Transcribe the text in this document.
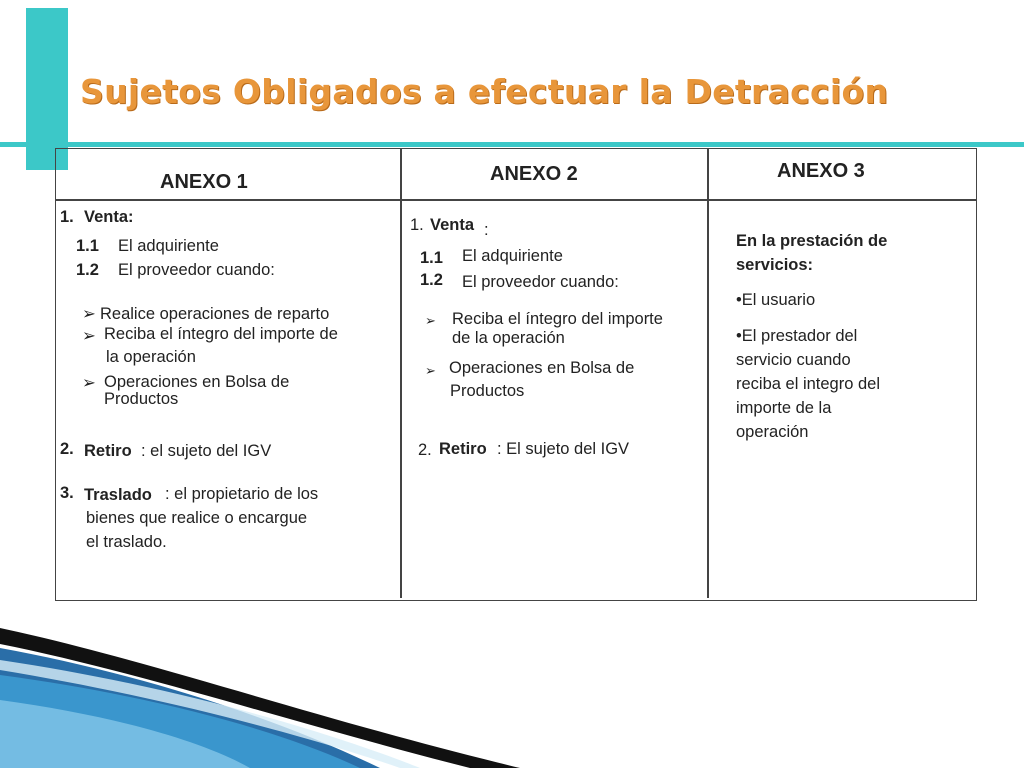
Sujetos Obligados a efectuar la Detracción
ANEXO 1	ANEXO 2	ANEXO 3
1. Venta:
1.1 El adquiriente
1.2 El proveedor cuando:
➢ Realice operaciones de reparto
➢ Reciba el íntegro del importe de
la operación
➢ Operaciones en Bolsa de
Productos
2. Retiro : el sujeto del IGV
3. Traslado : el propietario de los
bienes que realice o encargue
el traslado.
1. Venta :
1.1 El adquiriente
1.2 El proveedor cuando:
➢ Reciba el íntegro del importe
de la operación
➢ Operaciones en Bolsa de
Productos
2. Retiro : El sujeto del IGV
En la prestación de
servicios:
•El usuario
•El prestador del
servicio cuando
reciba el integro del
importe de la
operación
